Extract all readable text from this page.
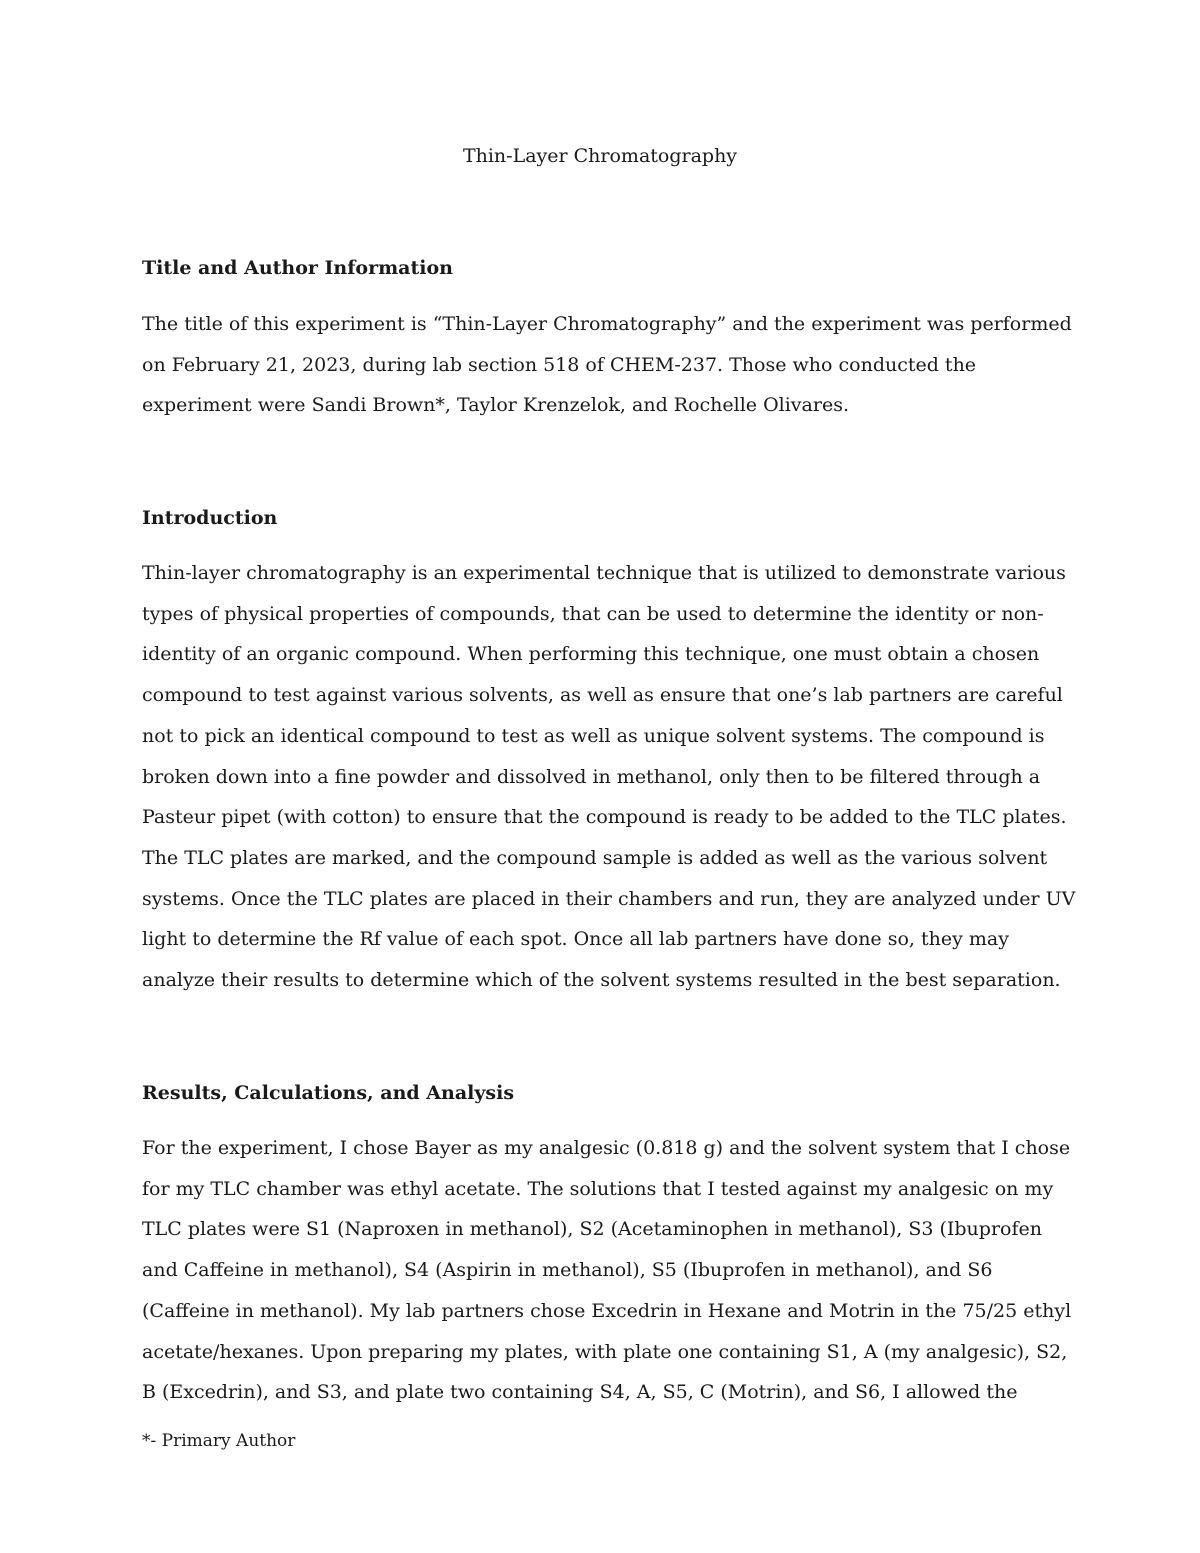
Thin-Layer Chromatography
Title and Author Information
The title of this experiment is “Thin-Layer Chromatography” and the experiment was performed
on February 21, 2023, during lab section 518 of CHEM-237. Those who conducted the
experiment were Sandi Brown*, Taylor Krenzelok, and Rochelle Olivares.
Introduction
Thin-layer chromatography is an experimental technique that is utilized to demonstrate various
types of physical properties of compounds, that can be used to determine the identity or non-
identity of an organic compound. When performing this technique, one must obtain a chosen
compound to test against various solvents, as well as ensure that one’s lab partners are careful
not to pick an identical compound to test as well as unique solvent systems. The compound is
broken down into a fine powder and dissolved in methanol, only then to be filtered through a
Pasteur pipet (with cotton) to ensure that the compound is ready to be added to the TLC plates.
The TLC plates are marked, and the compound sample is added as well as the various solvent
systems. Once the TLC plates are placed in their chambers and run, they are analyzed under UV
light to determine the Rf value of each spot. Once all lab partners have done so, they may
analyze their results to determine which of the solvent systems resulted in the best separation.
Results, Calculations, and Analysis
For the experiment, I chose Bayer as my analgesic (0.818 g) and the solvent system that I chose
for my TLC chamber was ethyl acetate. The solutions that I tested against my analgesic on my
TLC plates were S1 (Naproxen in methanol), S2 (Acetaminophen in methanol), S3 (Ibuprofen
and Caffeine in methanol), S4 (Aspirin in methanol), S5 (Ibuprofen in methanol), and S6
(Caffeine in methanol). My lab partners chose Excedrin in Hexane and Motrin in the 75/25 ethyl
acetate/hexanes. Upon preparing my plates, with plate one containing S1, A (my analgesic), S2,
B (Excedrin), and S3, and plate two containing S4, A, S5, C (Motrin), and S6, I allowed the

*- Primary Author
